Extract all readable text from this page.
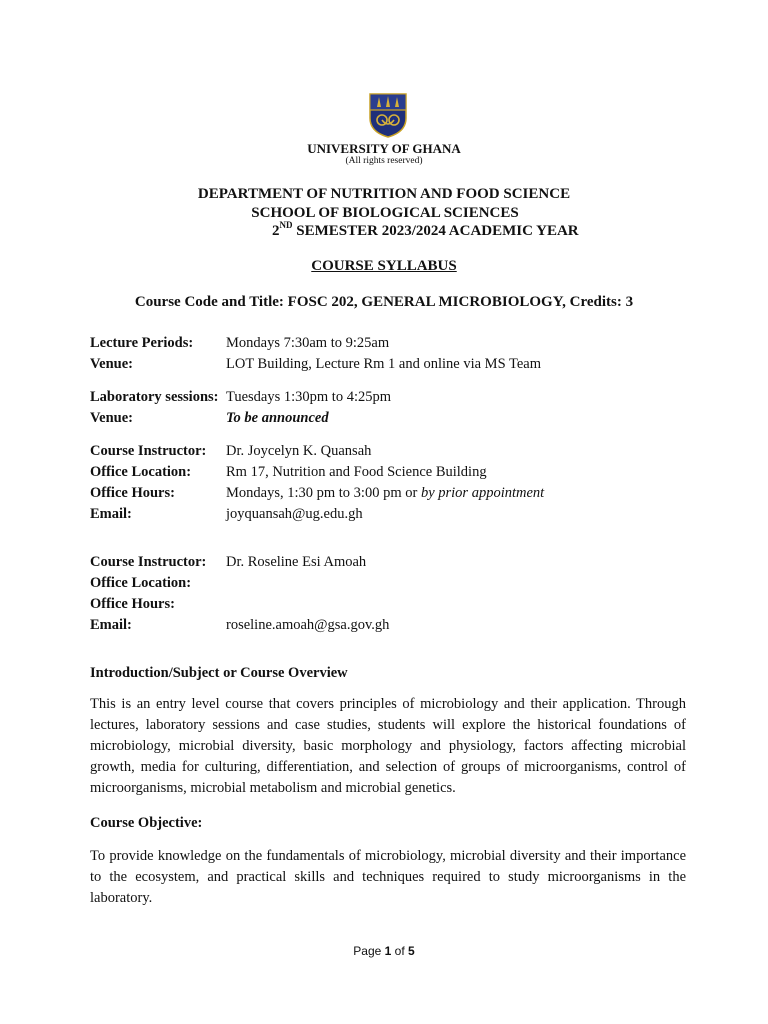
UNIVERSITY OF GHANA
(All rights reserved)
DEPARTMENT OF NUTRITION AND FOOD SCIENCE
SCHOOL OF BIOLOGICAL SCIENCES
2ND SEMESTER 2023/2024 ACADEMIC YEAR
COURSE SYLLABUS
Course Code and Title: FOSC 202, GENERAL MICROBIOLOGY, Credits: 3
Lecture Periods: Mondays 7:30am to 9:25am
Venue:	LOT Building, Lecture Rm 1 and online via MS Team
Laboratory sessions: Tuesdays 1:30pm to 4:25pm
Venue:	To be announced
Course Instructor: Dr. Joycelyn K. Quansah
Office Location: Rm 17, Nutrition and Food Science Building
Office Hours:	Mondays, 1:30 pm to 3:00 pm or by prior appointment
Email:	joyquansah@ug.edu.gh
Course Instructor: Dr. Roseline Esi Amoah
Office Location:
Office Hours:
Email:	roseline.amoah@gsa.gov.gh
Introduction/Subject or Course Overview
This is an entry level course that covers principles of microbiology and their application. Through lectures, laboratory sessions and case studies, students will explore the historical foundations of microbiology, microbial diversity, basic morphology and physiology, factors affecting microbial growth, media for culturing, differentiation, and selection of groups of microorganisms, control of microorganisms, microbial metabolism and microbial genetics.
Course Objective:
To provide knowledge on the fundamentals of microbiology, microbial diversity and their importance to the ecosystem, and practical skills and techniques required to study microorganisms in the laboratory.
Page 1 of 5
